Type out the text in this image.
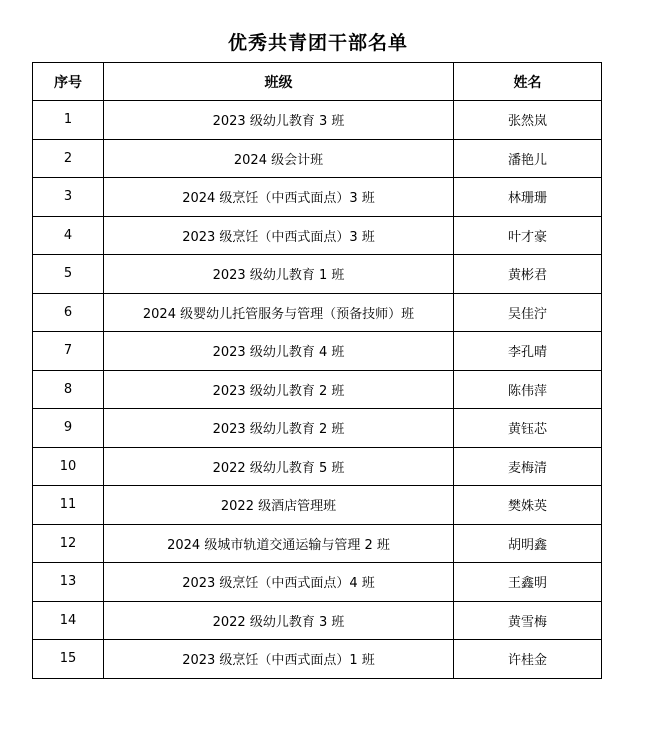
优秀共青团干部名单
序号	班级	姓名
1	2023 级幼儿教育 3 班	张然岚
2	2024 级会计班	潘艳儿
3	2024 级烹饪（中西式面点）3 班	林珊珊
4	2023 级烹饪（中西式面点）3 班	叶才豪
5	2023 级幼儿教育 1 班	黄彬君
6	2024 级婴幼儿托管服务与管理（预备技师）班	吴佳泞
7	2023 级幼儿教育 4 班	李孔晴
8	2023 级幼儿教育 2 班	陈伟萍
9	2023 级幼儿教育 2 班	黄钰芯
10	2022 级幼儿教育 5 班	麦梅清
11	2022 级酒店管理班	樊姝英
12	2024 级城市轨道交通运输与管理 2 班	胡明鑫
13	2023 级烹饪（中西式面点）4 班	王鑫明
14	2022 级幼儿教育 3 班	黄雪梅
15	2023 级烹饪（中西式面点）1 班	许桂金
